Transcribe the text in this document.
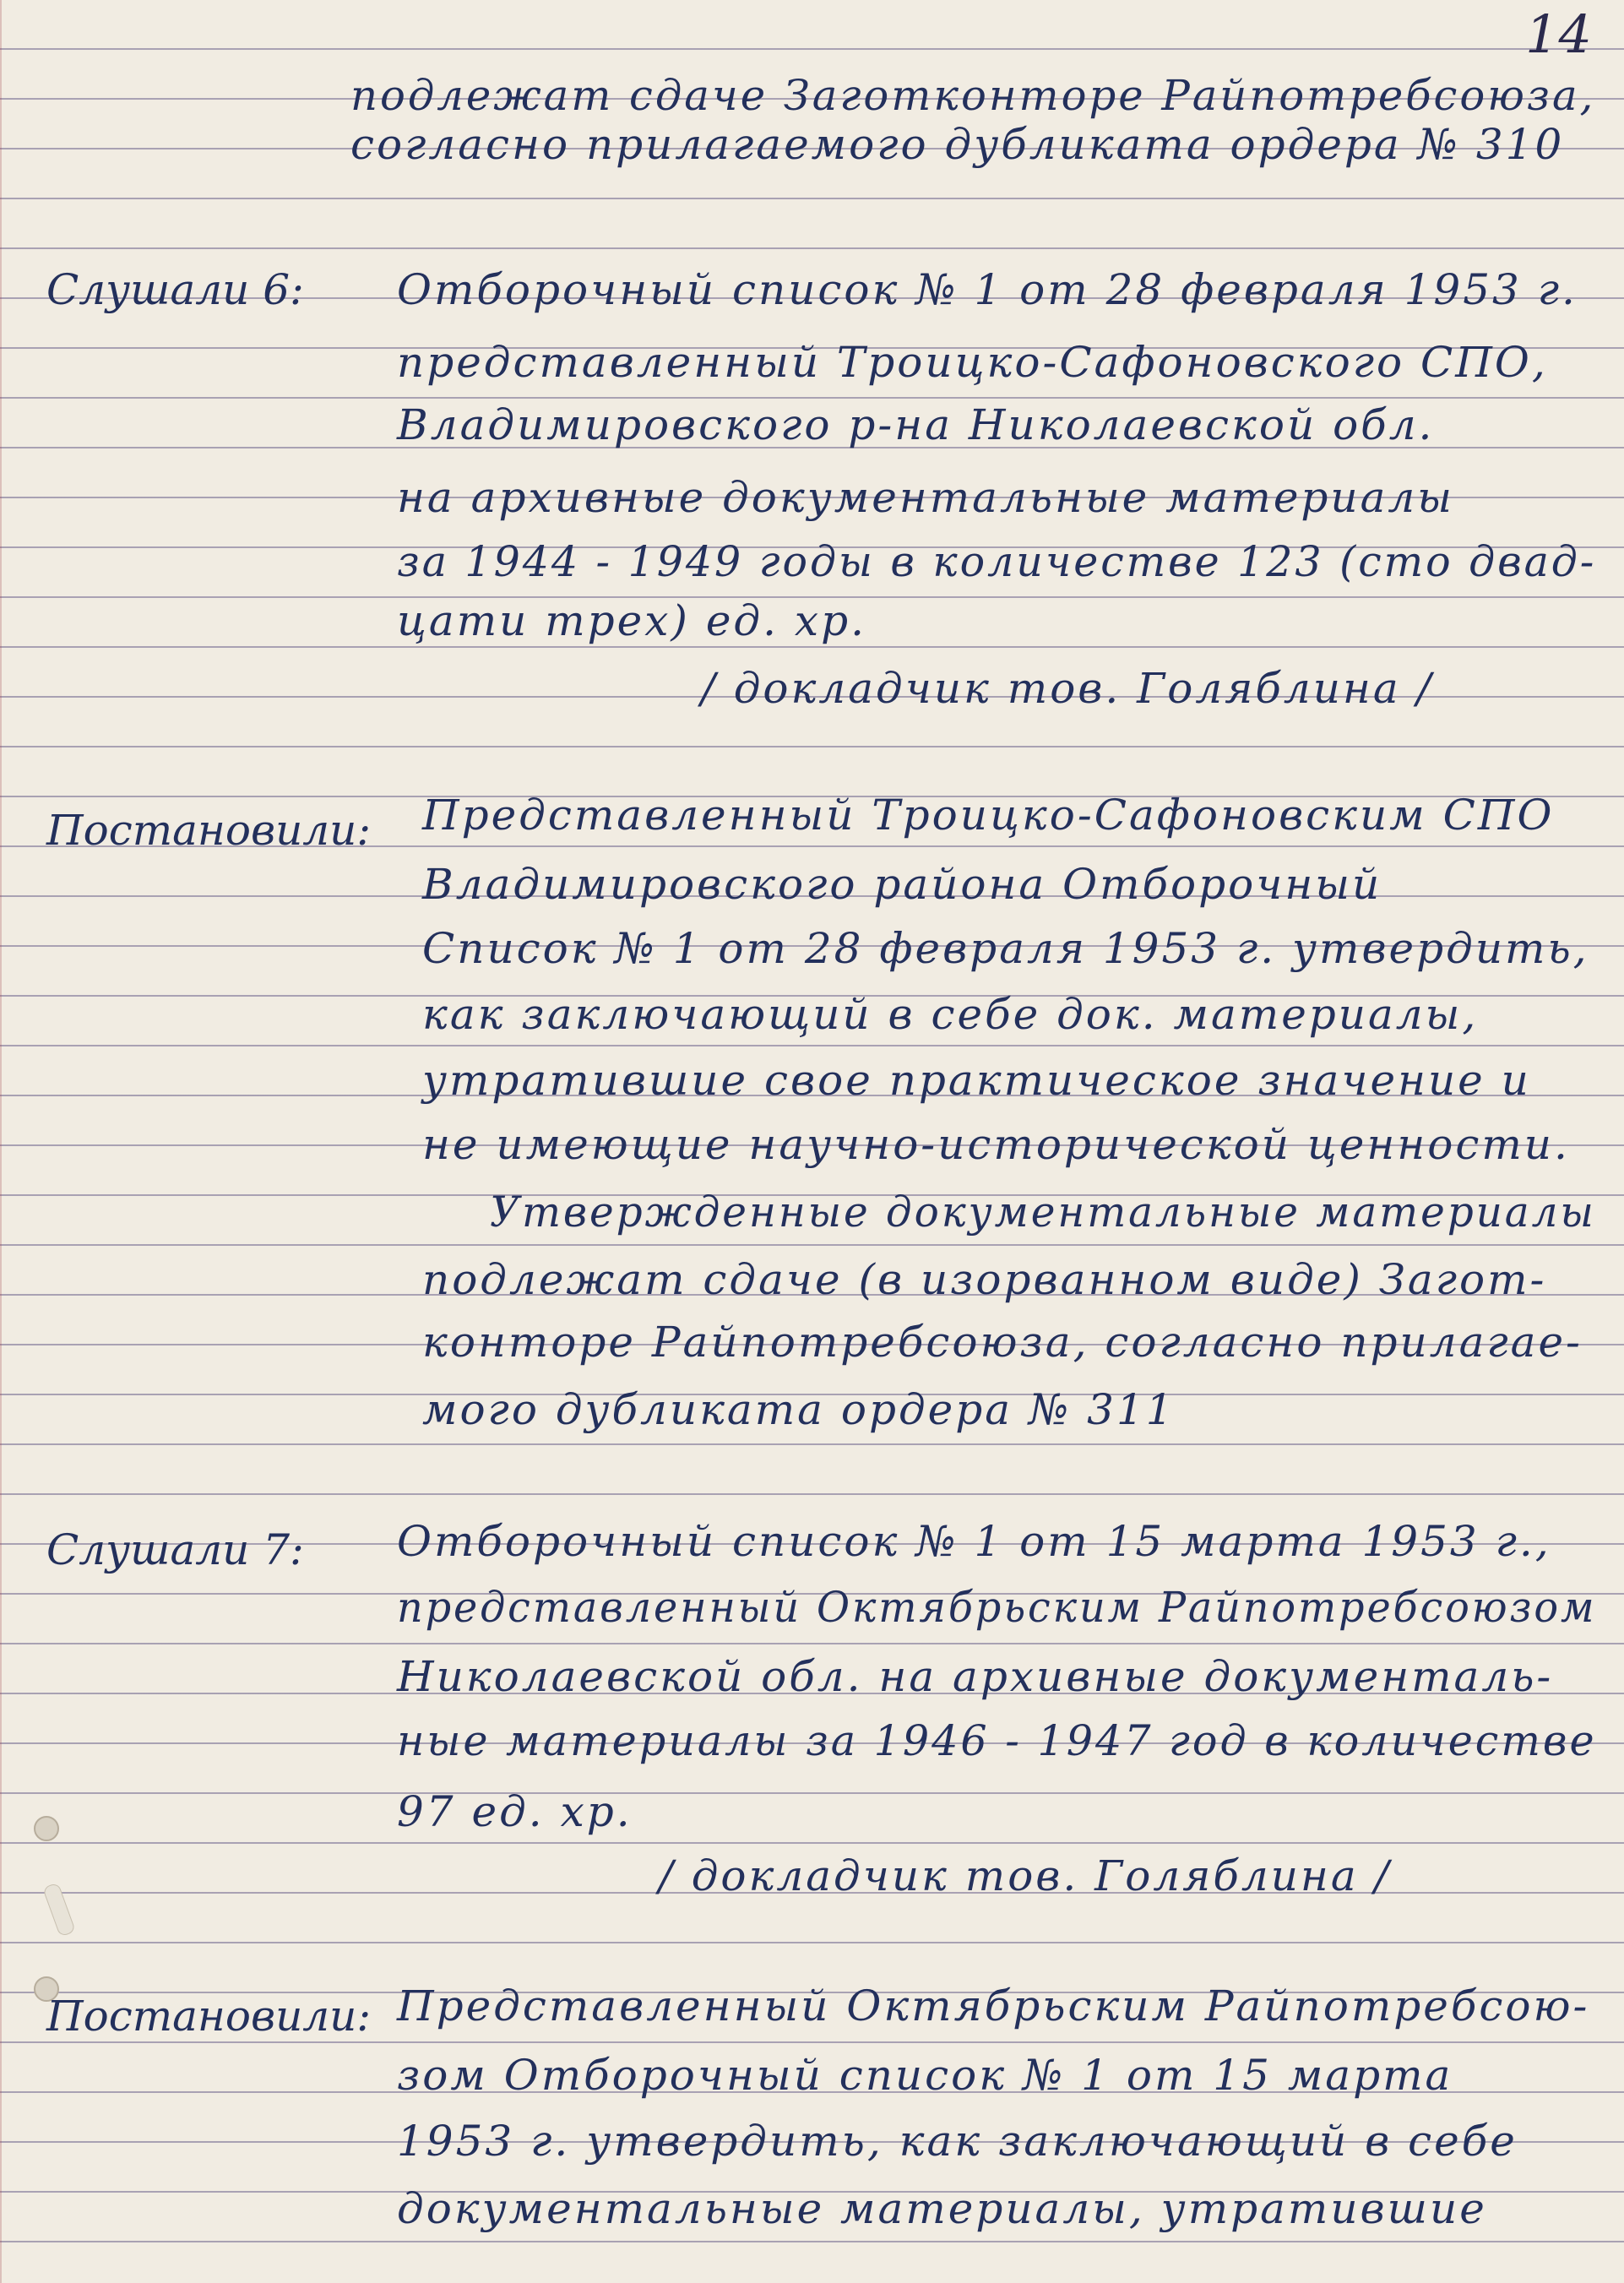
14
подлежат сдаче Заготконторе Райпотребсоюза,
согласно прилагаемого дубликата ордера № 310
Слушали 6: Отборочный список № 1 от 28 февраля 1953 г.
представленный Троицко-Сафоновского СПО,
Владимировского р-на Николаевской обл.
на архивные документальные материалы
за 1944 - 1949 годы в количестве 123 (сто двад-
цати трех) ед. хр.
/ докладчик тов. Голяблина /
Постановили: Представленный Троицко-Сафоновским СПО
Владимировского района Отборочный
Список № 1 от 28 февраля 1953 г. утвердить,
как заключающий в себе док. материалы,
утратившие свое практическое значение и
не имеющие научно-исторической ценности.
Утвержденные документальные материалы
подлежат сдаче (в изорванном виде) Загот-
конторе Райпотребсоюза, согласно прилагае-
мого дубликата ордера № 311
Слушали 7: Отборочный список № 1 от 15 марта 1953 г.,
представленный Октябрьским Райпотребсоюзом
Николаевской обл. на архивные документаль-
ные материалы за 1946 - 1947 год в количестве
97 ед. хр.
/ докладчик тов. Голяблина /
Постановили: Представленный Октябрьским Райпотребсою-
зом Отборочный список № 1 от 15 марта
1953 г. утвердить, как заключающий в себе
документальные материалы, утратившие
